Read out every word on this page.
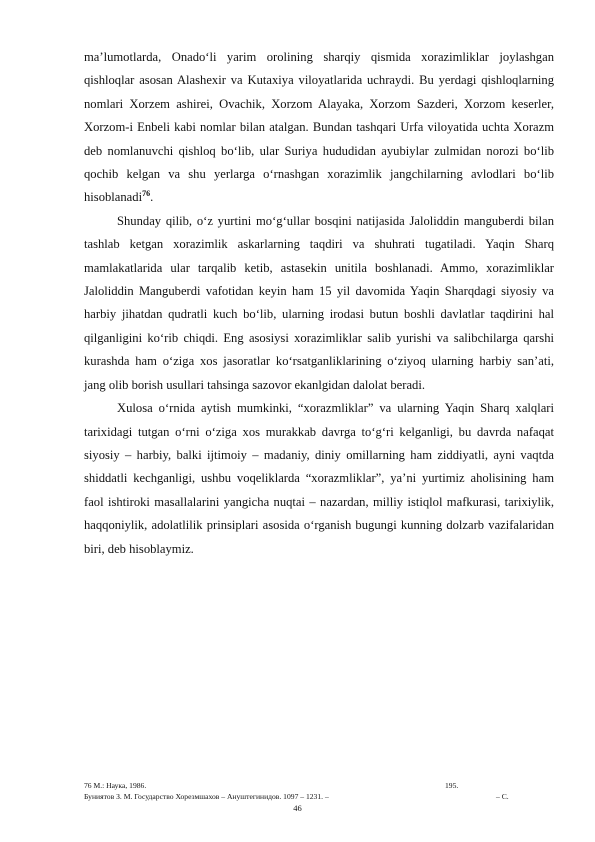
ma’lumotlarda, Onado‘li yarim orolining sharqiy qismida xorazimliklar joylashgan qishloqlar asosan Alashexir va Kutaxiya viloyatlarida uchraydi. Bu yerdagi qishloqlarning nomlari Xorzem ashirei, Ovachik, Xorzom Alayaka, Xorzom Sazderi, Xorzom keserler, Xorzom-i Enbeli kabi nomlar bilan atalgan. Bundan tashqari Urfa viloyatida uchta Xorazm deb nomlanuvchi qishloq bo‘lib, ular Suriya hududidan ayubiylar zulmidan norozi bo‘lib qochib kelgan va shu yerlarga o‘rnashgan xorazimlik jangchilarning avlodlari bo‘lib hisoblanadi$^{76}$.

Shunday qilib, o‘z yurtini mo‘g‘ullar bosqini natijasida Jaloliddin manguberdi bilan tashlab ketgan xorazimlik askarlarning taqdiri va shuhrati tugatiladi. Yaqin Sharq mamlakatlarida ular tarqalib ketib, astasekin unitila boshlanadi. Ammo, xorazimliklar Jaloliddin Manguberdi vafotidan keyin ham 15 yil davomida Yaqin Sharqdagi siyosiy va harbiy jihatdan qudratli kuch bo‘lib, ularning irodasi butun boshli davlatlar taqdirini hal qilganligini ko‘rib chiqdi. Eng asosiysi xorazimliklar salib yurishi va salibchilarga qarshi kurashda ham o‘ziga xos jasoratlar ko‘rsatganliklarining o‘ziyoq ularning harbiy san’ati, jang olib borish usullari tahsinga sazovor ekanlgidan dalolat beradi.

Xulosa o‘rnida aytish mumkinki, “xorazmliklar” va ularning Yaqin Sharq xalqlari tarixidagi tutgan o‘rni o‘ziga xos murakkab davrga to‘g‘ri kelganligi, bu davrda nafaqat siyosiy – harbiy, balki ijtimoiy – madaniy, diniy omillarning ham ziddiyatli, ayni vaqtda shiddatli kechganligi, ushbu voqeliklarda “xorazmliklar”, ya’ni yurtimiz aholisining ham faol ishtiroki masallalarini yangicha nuqtai – nazardan, milliy istiqlol mafkurasi, tarixiylik, haqqoniylik, adolatlilik prinsiplari asosida o‘rganish bugungi kunning dolzarb vazifalaridan biri, deb hisoblaymiz.

76 М.: Наука, 1986.	195.
Буниятов З. М. Государство Хорезмшахов – Ануштегинидов. 1097 – 1231. –	– С.
46
